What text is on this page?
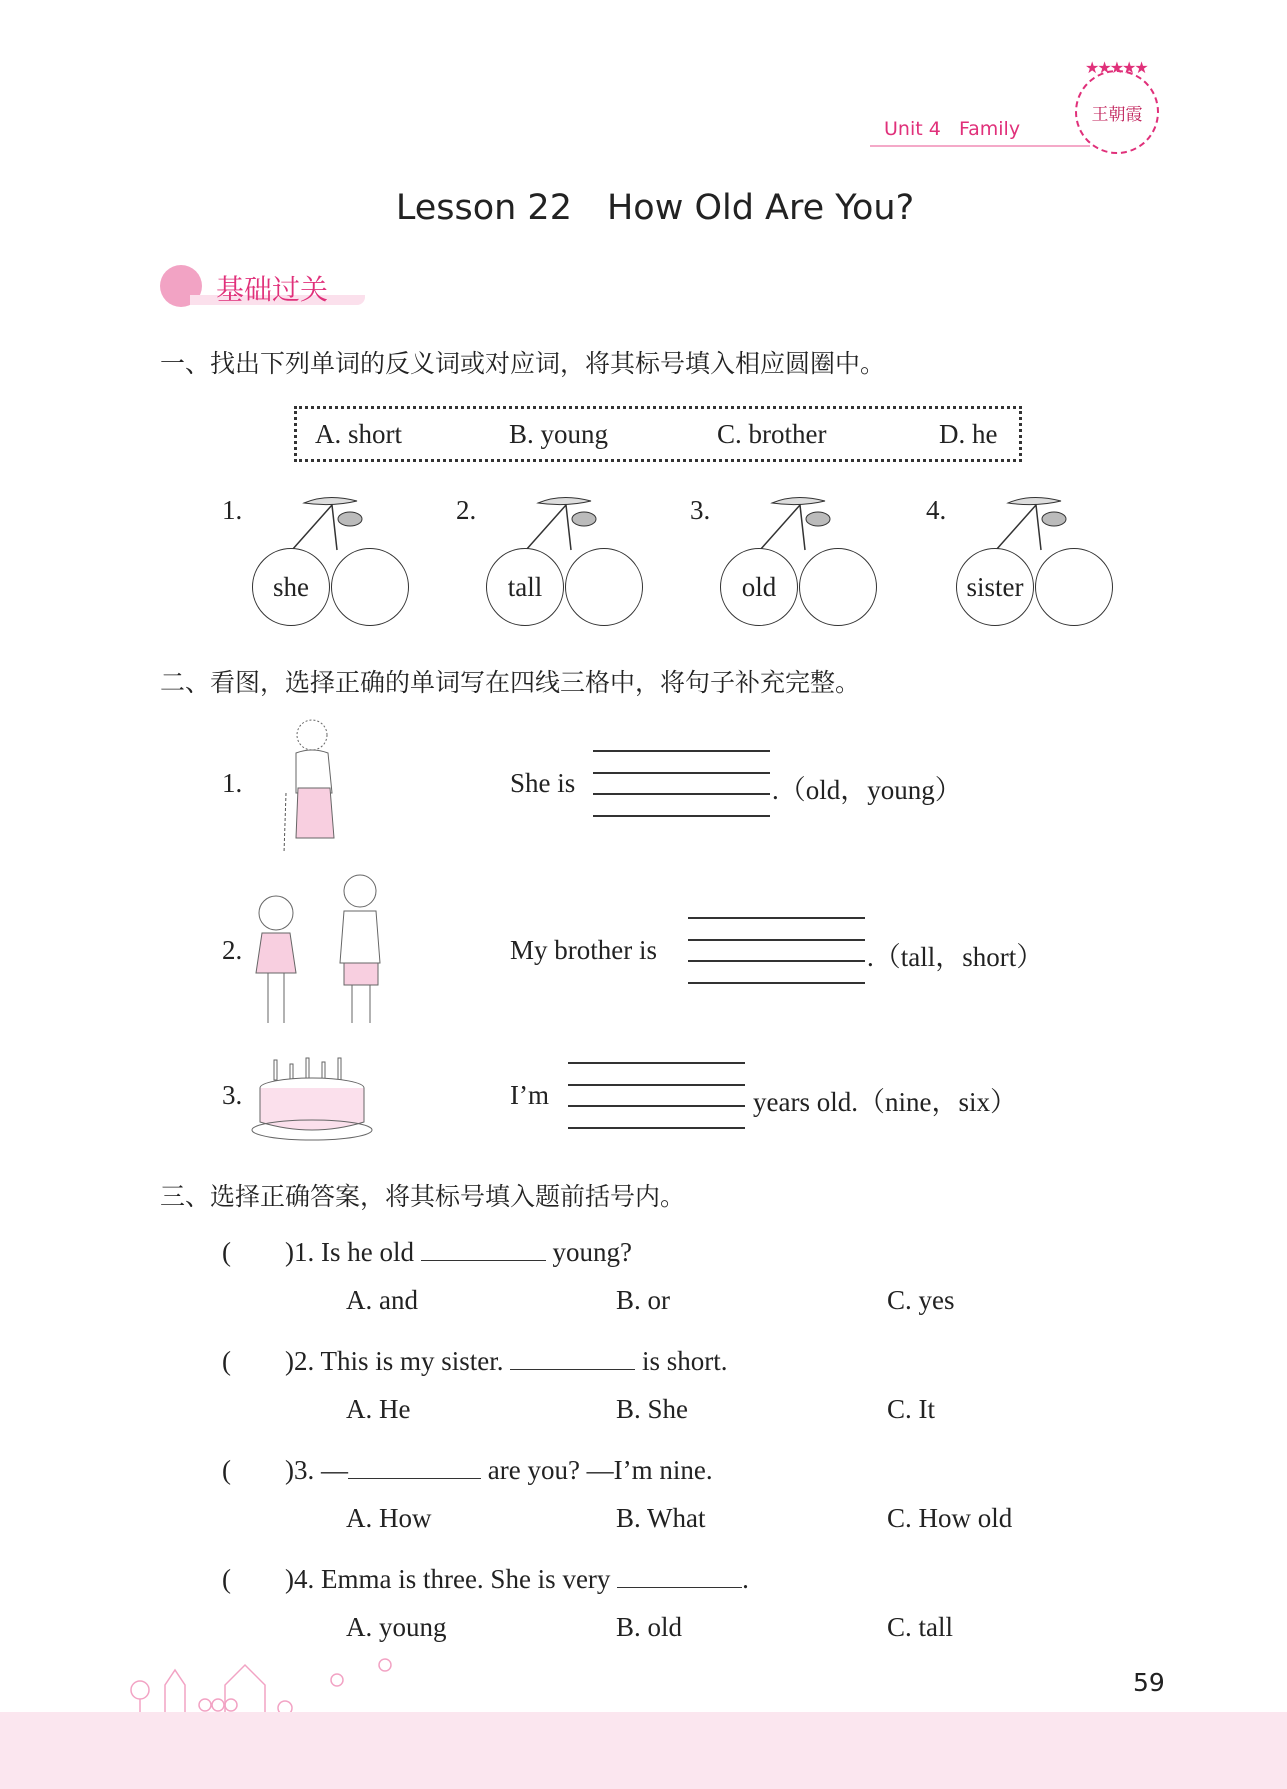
Unit 4 Family
★★★★★
王朝霞
Lesson 22　How Old Are You?
基础过关
一、找出下列单词的反义词或对应词，将其标号填入相应圆圈中。
A. short	B. young	C. brother	D. he
1.
she
2.
tall
3.
old
4.
sister
二、看图，选择正确的单词写在四线三格中，将句子补充完整。
1.	She is	.（old，young）
2.	My brother is	.（tall，short）
3.	I’m	years old.（nine，six）
三、选择正确答案，将其标号填入题前括号内。
(　　)1. Is he old	young?
A. and	B. or	C. yes
(　　)2. This is my sister.	is short.
A. He	B. She	C. It
(　　)3. —	are you? —I’m nine.
A. How	B. What	C. How old
(　　)4. Emma is three. She is very	.
A. young	B. old	C. tall
59
